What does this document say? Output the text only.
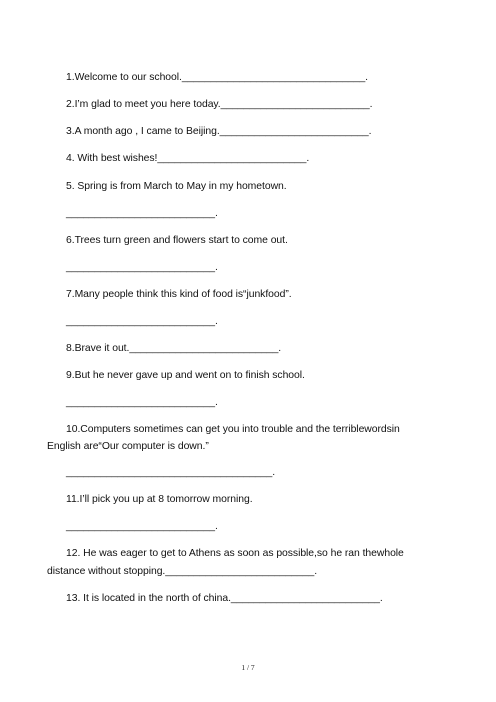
1.Welcome to our school.________________________________.
2.I’m glad to meet you here today.__________________________.
3.A month ago , I came to Beijing.__________________________.
4. With best wishes!__________________________.
5. Spring is from March to May in my hometown.
__________________________.
6.Trees turn green and flowers start to come out.
__________________________.
7.Many people think this kind of food is“junkfood”.
__________________________.
8.Brave it out.__________________________.
9.But he never gave up and went on to finish school.
__________________________.
10.Computers sometimes can get you into trouble and the terriblewordsin
English are“Our computer is down.”
____________________________________.
11.I’ll pick you up at 8 tomorrow morning.
__________________________.
12. He was eager to get to Athens as soon as possible,so he ran thewhole
distance without stopping.__________________________.
13. It is located in the north of china.__________________________.
1 / 7
